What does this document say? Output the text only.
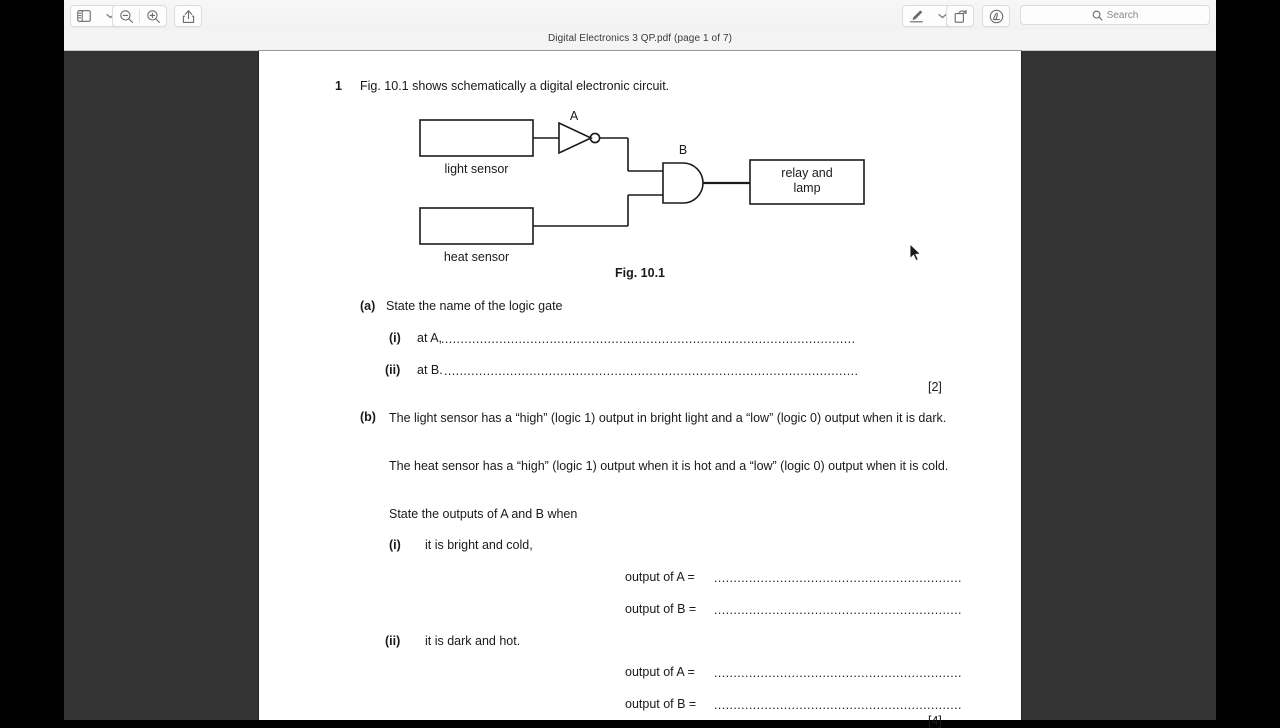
Search
Digital Electronics 3 QP.pdf (page 1 of 7)
1 Fig. 10.1 shows schematically a digital electronic circuit.
light sensor
heat sensor
relay and
lamp
A
B
Fig. 10.1
(a) State the name of the logic gate
(i) at A,
...........................................................................................................
(ii) at B. ...........................................................................................................
[2]
(b) The light sensor has a “high” (logic 1) output in bright light and a “low” (logic 0) output when it is dark.
The heat sensor has a “high” (logic 1) output when it is hot and a “low” (logic 0) output when it is cold.
State the outputs of A and B when
(i) it is bright and cold,
output of A = ................................................................
output of B = ................................................................
(ii) it is dark and hot.
output of A = ................................................................
output of B = ................................................................
[4]
